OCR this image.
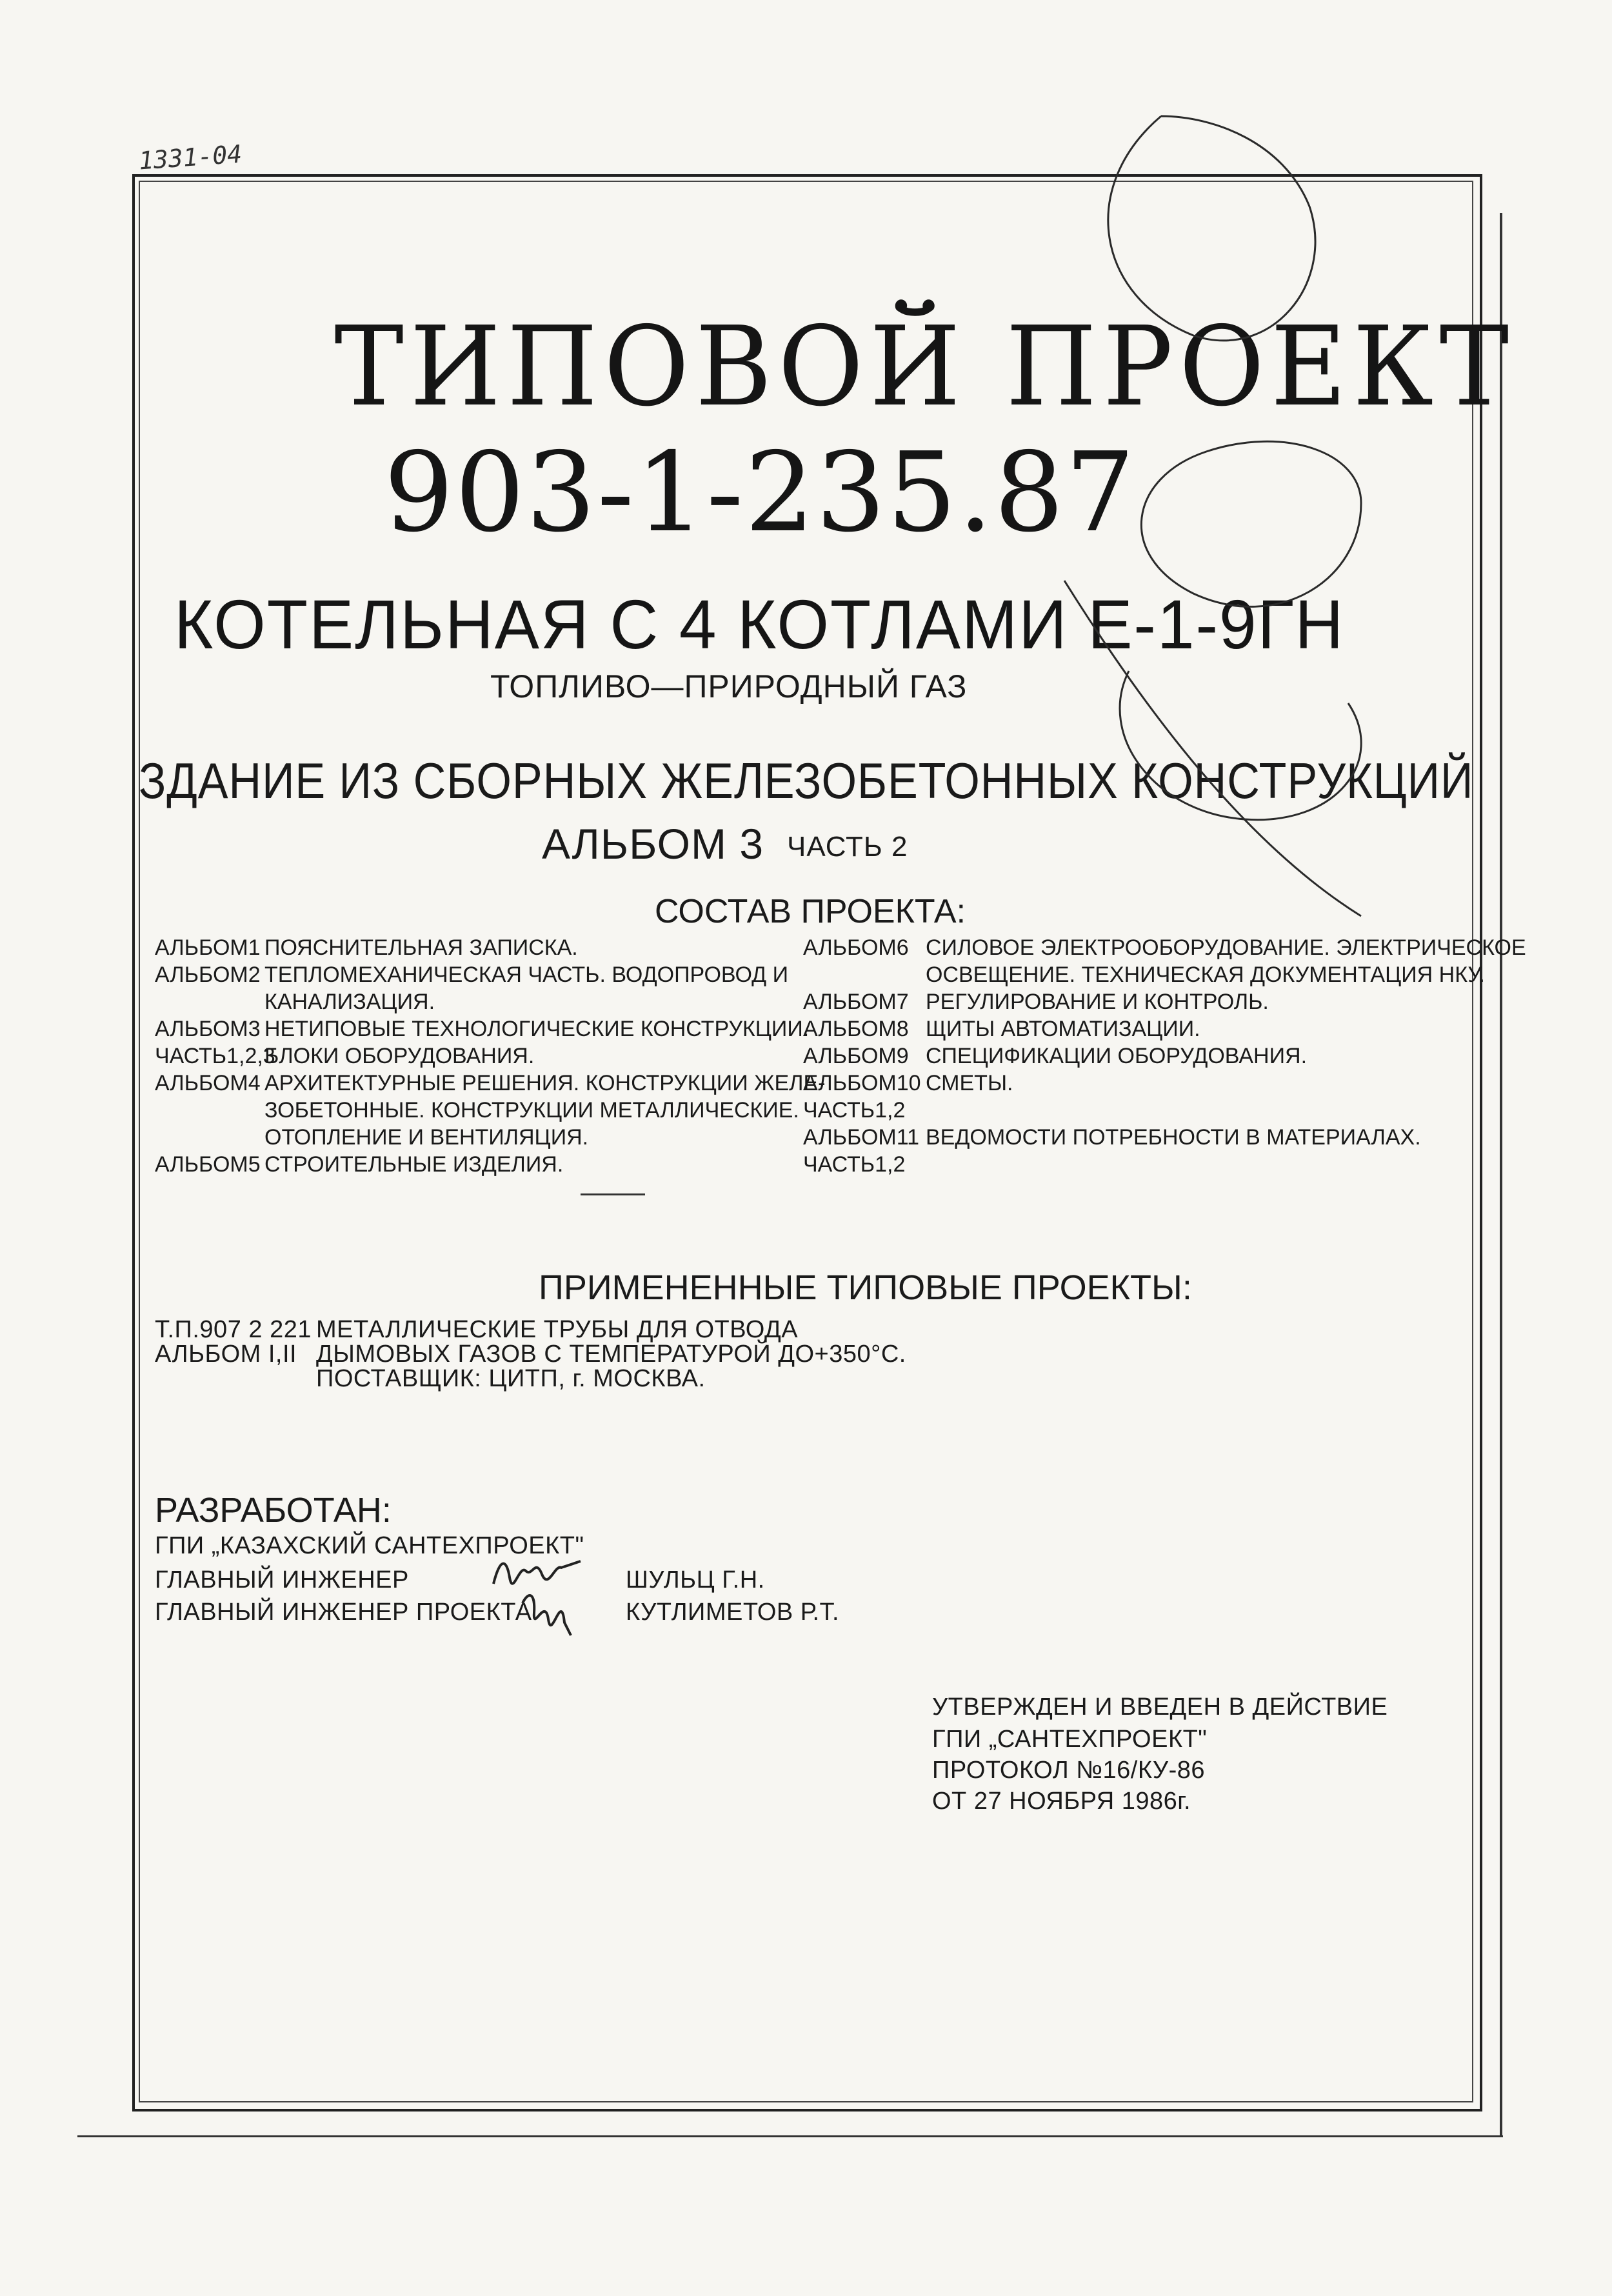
1331-04
ТИПОВОЙ ПРОЕКТ
903-1-235.87
КОТЕЛЬНАЯ С 4 КОТЛАМИ Е-1-9ГН
ТОПЛИВО—ПРИРОДНЫЙ ГАЗ
ЗДАНИЕ ИЗ СБОРНЫХ ЖЕЛЕЗОБЕТОННЫХ КОНСТРУКЦИЙ
АЛЬБОМ 3 ЧАСТЬ 2
СОСТАВ ПРОЕКТА:
АЛЬБОМ1 ПОЯСНИТЕЛЬНАЯ ЗАПИСКА.
АЛЬБОМ2 ТЕПЛОМЕХАНИЧЕСКАЯ ЧАСТЬ. ВОДОПРОВОД И
КАНАЛИЗАЦИЯ.
АЛЬБОМ3 НЕТИПОВЫЕ ТЕХНОЛОГИЧЕСКИЕ КОНСТРУКЦИИ.
ЧАСТЬ1,2,3БЛОКИ ОБОРУДОВАНИЯ.
АЛЬБОМ4 АРХИТЕКТУРНЫЕ РЕШЕНИЯ. КОНСТРУКЦИИ ЖЕЛЕ-
ЗОБЕТОННЫЕ. КОНСТРУКЦИИ МЕТАЛЛИЧЕСКИЕ.
ОТОПЛЕНИЕ И ВЕНТИЛЯЦИЯ.
АЛЬБОМ5 СТРОИТЕЛЬНЫЕ ИЗДЕЛИЯ.
АЛЬБОМ6 СИЛОВОЕ ЭЛЕКТРООБОРУДОВАНИЕ. ЭЛЕКТРИЧЕСКОЕ
ОСВЕЩЕНИЕ. ТЕХНИЧЕСКАЯ ДОКУМЕНТАЦИЯ НКУ.
АЛЬБОМ7 РЕГУЛИРОВАНИЕ И КОНТРОЛЬ.
АЛЬБОМ8 ЩИТЫ АВТОМАТИЗАЦИИ.
АЛЬБОМ9 СПЕЦИФИКАЦИИ ОБОРУДОВАНИЯ.
АЛЬБОМ10 СМЕТЫ.
ЧАСТЬ1,2
АЛЬБОМ11 ВЕДОМОСТИ ПОТРЕБНОСТИ В МАТЕРИАЛАХ.
ЧАСТЬ1,2
ПРИМЕНЕННЫЕ ТИПОВЫЕ ПРОЕКТЫ:
Т.П.907 2 221
АЛЬБОМ I,II
МЕТАЛЛИЧЕСКИЕ ТРУБЫ ДЛЯ ОТВОДА
ДЫМОВЫХ ГАЗОВ С ТЕМПЕРАТУРОЙ ДО+350°С.
ПОСТАВЩИК: ЦИТП, г. МОСКВА.
РАЗРАБОТАН:
ГПИ „КАЗАХСКИЙ САНТЕХПРОЕКТ"
ГЛАВНЫЙ ИНЖЕНЕР
ГЛАВНЫЙ ИНЖЕНЕР ПРОЕКТА
ШУЛЬЦ Г.Н.
КУТЛИМЕТОВ Р.Т.
УТВЕРЖДЕН И ВВЕДЕН В ДЕЙСТВИЕ
ГПИ „САНТЕХПРОЕКТ"
ПРОТОКОЛ №16/КУ-86
ОТ 27 НОЯБРЯ 1986г.
